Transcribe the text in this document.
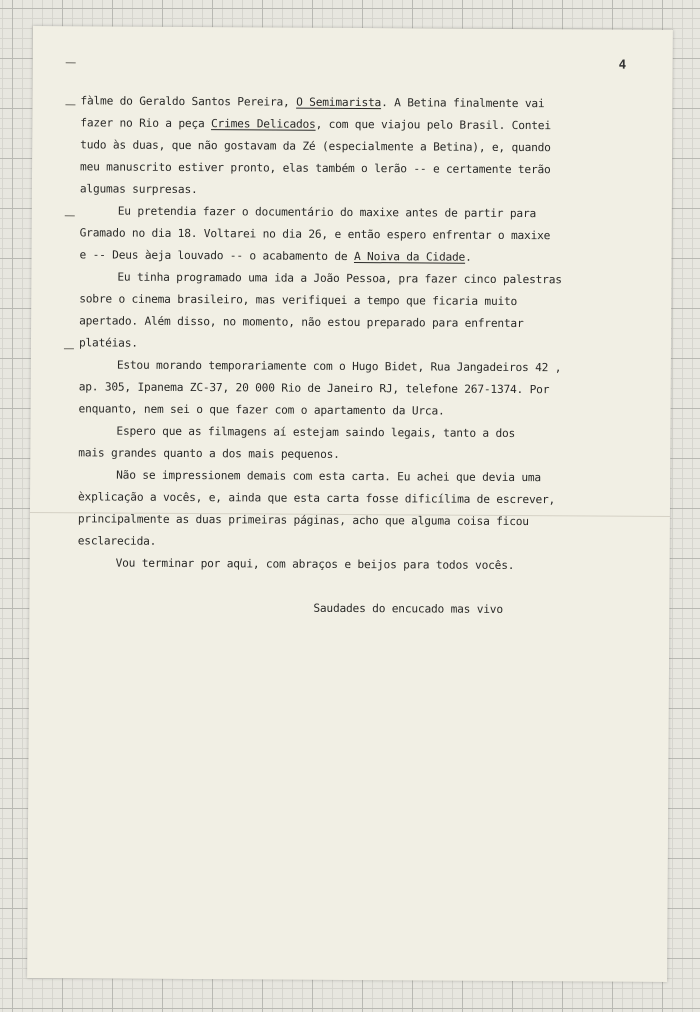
4
fàlme do Geraldo Santos Pereira, O Semimarista. A Betina finalmente vai
fazer no Rio a peça Crimes Delicados, com que viajou pelo Brasil. Contei
tudo às duas, que não gostavam da Zé (especialmente a Betina), e, quando
meu manuscrito estiver pronto, elas também o lerão -- e certamente terão
algumas surpresas.
Eu pretendia fazer o documentário do maxixe antes de partir para
Gramado no dia 18. Voltarei no dia 26, e então espero enfrentar o maxixe
e -- Deus àeja louvado -- o acabamento de A Noiva da Cidade.
Eu tinha programado uma ida a João Pessoa, pra fazer cinco palestras
sobre o cinema brasileiro, mas verifiquei a tempo que ficaria muito
apertado. Além disso, no momento, não estou preparado para enfrentar
platéias.
Estou morando temporariamente com o Hugo Bidet, Rua Jangadeiros 42 ,
ap. 305, Ipanema ZC-37, 20 000 Rio de Janeiro RJ, telefone 267-1374. Por
enquanto, nem sei o que fazer com o apartamento da Urca.
Espero que as filmagens aí estejam saindo legais, tanto a dos
mais grandes quanto a dos mais pequenos.
Não se impressionem demais com esta carta. Eu achei que devia uma
èxplicação a vocês, e, ainda que esta carta fosse dificílima de escrever,
principalmente as duas primeiras páginas, acho que alguma coisa ficou
esclarecida.
Vou terminar por aqui, com abraços e beijos para todos vocês.
Saudades do encucado mas vivo
